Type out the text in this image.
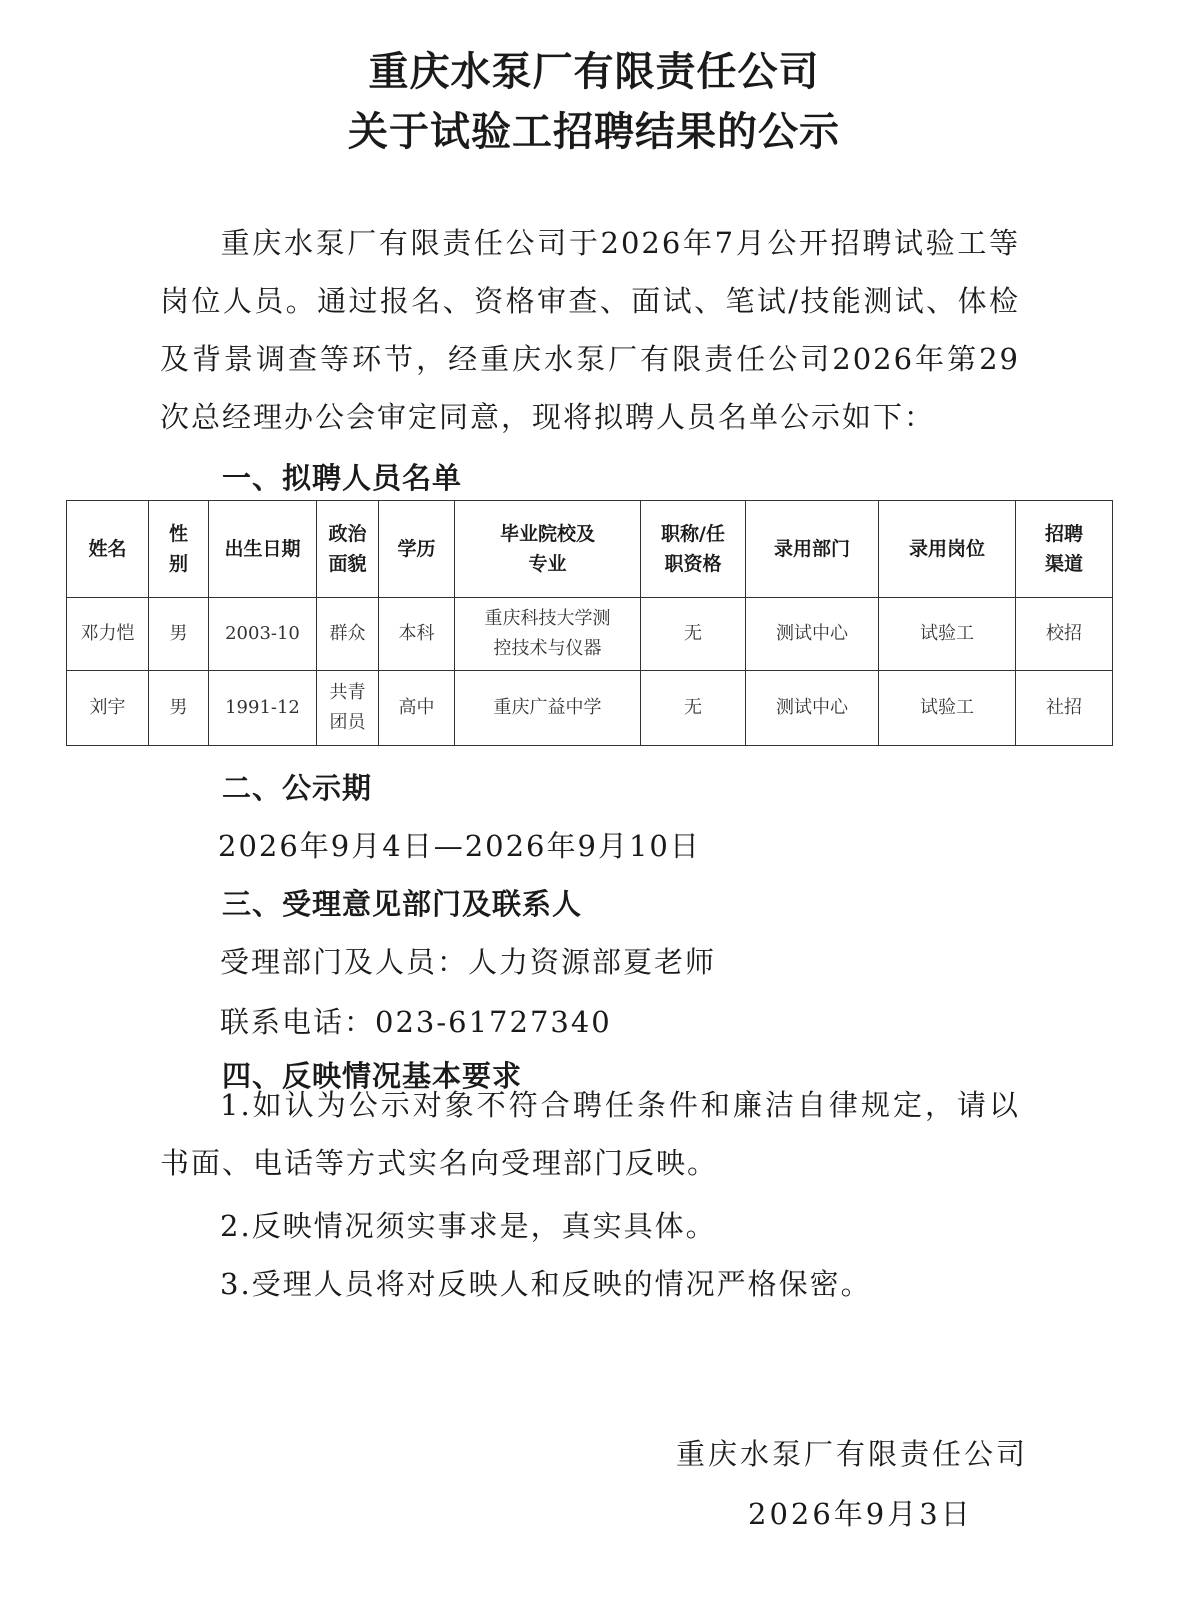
重庆水泵厂有限责任公司
关于试验工招聘结果的公示
重庆水泵厂有限责任公司于2026年7月公开招聘试验工等岗位人员。通过报名、资格审查、面试、笔试/技能测试、体检及背景调查等环节，经重庆水泵厂有限责任公司2026年第29次总经理办公会审定同意，现将拟聘人员名单公示如下：
一、拟聘人员名单
姓名	性别	出生日期	政治面貌	学历	毕业院校及专业	职称/任职资格	录用部门	录用岗位	招聘渠道

邓力恺	男	2003-10	群众	本科	重庆科技大学测控技术与仪器	无	测试中心	试验工	校招
刘宇	男	1991-12	共青团员	高中	重庆广益中学	无	测试中心	试验工	社招
二、公示期
2026年9月4日—2026年9月10日
三、受理意见部门及联系人
受理部门及人员：人力资源部夏老师
联系电话：023-61727340
四、反映情况基本要求
1.如认为公示对象不符合聘任条件和廉洁自律规定，请以书面、电话等方式实名向受理部门反映。
2.反映情况须实事求是，真实具体。
3.受理人员将对反映人和反映的情况严格保密。
重庆水泵厂有限责任公司
2026年9月3日
